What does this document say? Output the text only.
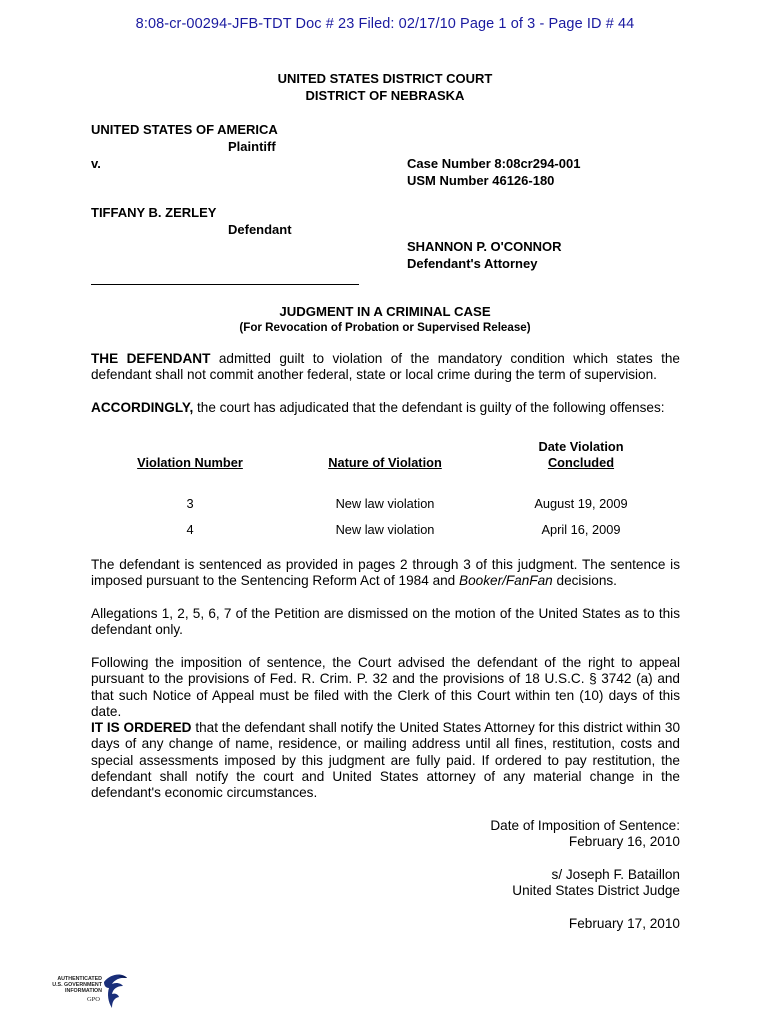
8:08-cr-00294-JFB-TDT Doc # 23 Filed: 02/17/10 Page 1 of 3 - Page ID # 44
UNITED STATES DISTRICT COURT
DISTRICT OF NEBRASKA
UNITED STATES OF AMERICA
Plaintiff
v.	Case Number 8:08cr294-001
USM Number 46126-180
TIFFANY B. ZERLEY
Defendant
SHANNON P. O'CONNOR
Defendant's Attorney
JUDGMENT IN A CRIMINAL CASE
(For Revocation of Probation or Supervised Release)
THE DEFENDANT admitted guilt to violation of the mandatory condition which states the defendant shall not commit another federal, state or local crime during the term of supervision.
ACCORDINGLY, the court has adjudicated that the defendant is guilty of the following offenses:
Violation Number	Nature of Violation
Date Violation
Concluded
3	New law violation	August 19, 2009
4	New law violation	April 16, 2009
The defendant is sentenced as provided in pages 2 through 3 of this judgment. The sentence is imposed pursuant to the Sentencing Reform Act of 1984 and Booker/FanFan decisions.
Allegations 1, 2, 5, 6, 7 of the Petition are dismissed on the motion of the United States as to this defendant only.
Following the imposition of sentence, the Court advised the defendant of the right to appeal pursuant to the provisions of Fed. R. Crim. P. 32 and the provisions of 18 U.S.C. § 3742 (a) and that such Notice of Appeal must be filed with the Clerk of this Court within ten (10) days of this date.
IT IS ORDERED that the defendant shall notify the United States Attorney for this district within 30 days of any change of name, residence, or mailing address until all fines, restitution, costs and special assessments imposed by this judgment are fully paid. If ordered to pay restitution, the defendant shall notify the court and United States attorney of any material change in the defendant's economic circumstances.
Date of Imposition of Sentence:
February 16, 2010
s/ Joseph F. Bataillon
United States District Judge
February 17, 2010
AUTHENTICATED
U.S. GOVERNMENT
INFORMATION
GPO
